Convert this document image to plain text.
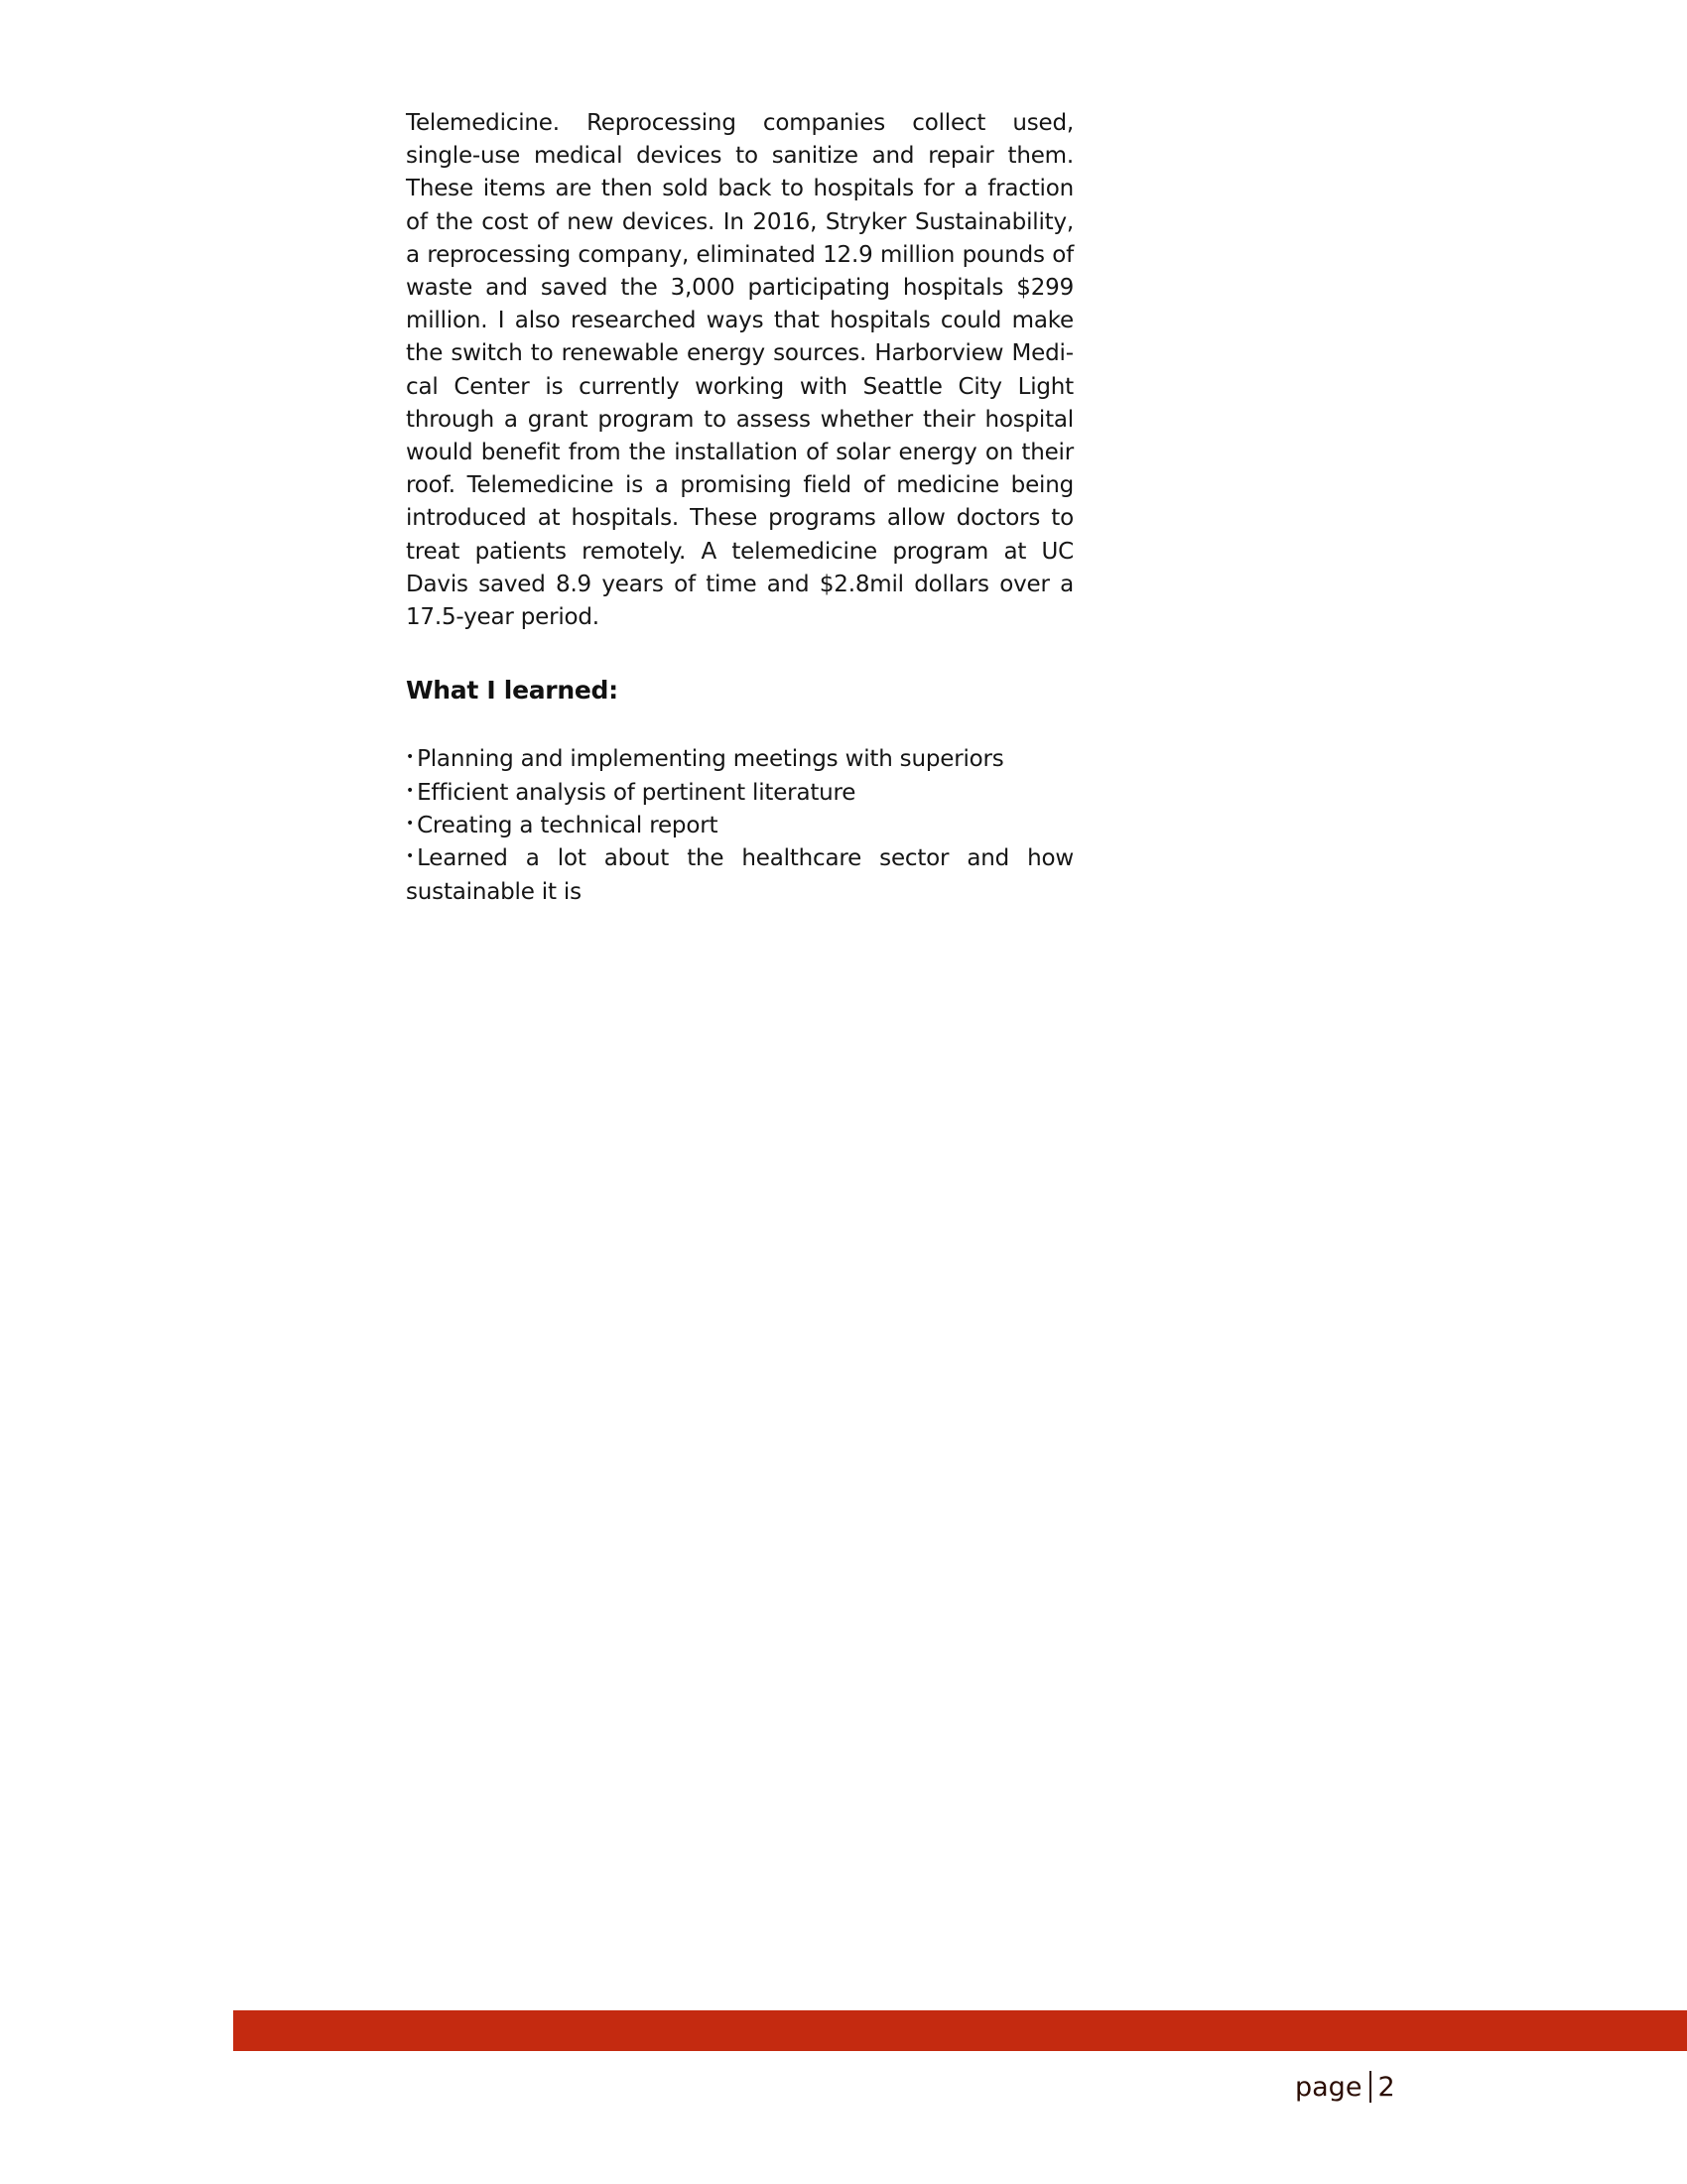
Telemedicine. Reprocessing companies collect used, single-use medical devices to sanitize and repair them. These items are then sold back to hospitals for a fraction of the cost of new devices. In 2016, Stryker Sustainability, a reprocessing company, eliminated 12.9 million pounds of waste and saved the 3,000 participating hospitals $299 million. I also researched ways that hospitals could make the switch to renewable energy sources. Harborview Medical Center is currently working with Seattle City Light through a grant program to assess whether their hospital would benefit from the installation of solar energy on their roof. Telemedicine is a promising field of medicine being introduced at hospitals. These programs allow doctors to treat patients remotely. A telemedicine program at UC Davis saved 8.9 years of time and $2.8mil dollars over a 17.5-year period.

What I learned:
• Planning and implementing meetings with superiors
• Efficient analysis of pertinent literature
• Creating a technical report
• Learned a lot about the healthcare sector and how sustainable it is
page 2
